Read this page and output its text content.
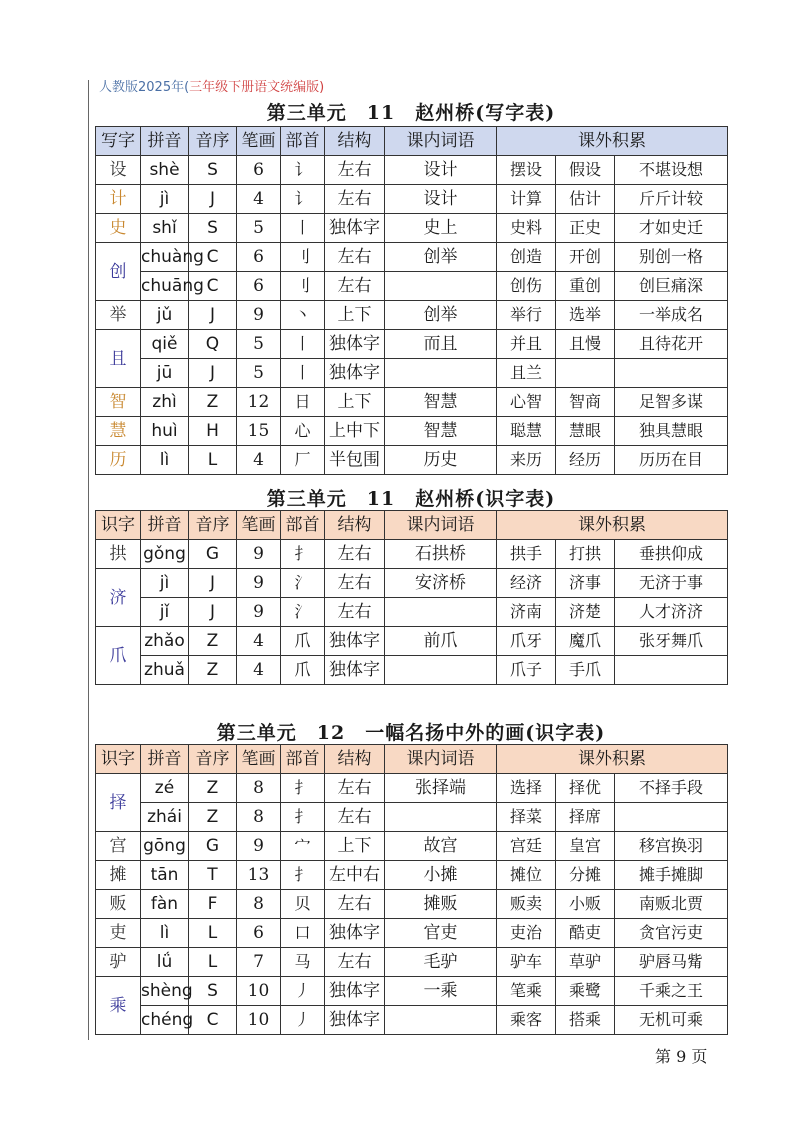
人教版2025年(三年级下册语文统编版)
第三单元　11　赵州桥(写字表)
写字	拼音	音序	笔画	部首	结构	课内词语	课外积累		
设	shè	S	6	讠	左右	设计	摆设	假设	不堪设想
计	jì	J	4	讠	左右	设计	计算	估计	斤斤计较
史	shǐ	S	5	丨	独体字	史上	史料	正史	才如史迁
创	chuàng	C	6	刂	左右	创举	创造	开创	别创一格
	chuāng	C	6	刂	左右		创伤	重创	创巨痛深
举	jǔ	J	9	丶	上下	创举	举行	选举	一举成名
且	qiě	Q	5	丨	独体字	而且	并且	且慢	且待花开
	jū	J	5	丨	独体字		且兰		
智	zhì	Z	12	日	上下	智慧	心智	智商	足智多谋
慧	huì	H	15	心	上中下	智慧	聪慧	慧眼	独具慧眼
历	lì	L	4	厂	半包围	历史	来历	经历	历历在目
第三单元　11　赵州桥(识字表)
识字	拼音	音序	笔画	部首	结构	课内词语	课外积累		
拱	gǒng	G	9	扌	左右	石拱桥	拱手	打拱	垂拱仰成
济	jì	J	9	氵	左右	安济桥	经济	济事	无济于事
	jǐ	J	9	氵	左右		济南	济楚	人才济济
爪	zhǎo	Z	4	爪	独体字	前爪	爪牙	魔爪	张牙舞爪
	zhuǎ	Z	4	爪	独体字		爪子	手爪	
第三单元　12　一幅名扬中外的画(识字表)
识字	拼音	音序	笔画	部首	结构	课内词语	课外积累		
择	zé	Z	8	扌	左右	张择端	选择	择优	不择手段
	zhái	Z	8	扌	左右		择菜	择席	
宫	gōng	G	9	宀	上下	故宫	宫廷	皇宫	移宫换羽
摊	tān	T	13	扌	左中右	小摊	摊位	分摊	摊手摊脚
贩	fàn	F	8	贝	左右	摊贩	贩卖	小贩	南贩北贾
吏	lì	L	6	口	独体字	官吏	吏治	酷吏	贪官污吏
驴	lǘ	L	7	马	左右	毛驴	驴车	草驴	驴唇马觜
乘	shèng	S	10	丿	独体字	一乘	笔乘	乘鹭	千乘之王
	chéng	C	10	丿	独体字		乘客	搭乘	无机可乘
第 9 页
